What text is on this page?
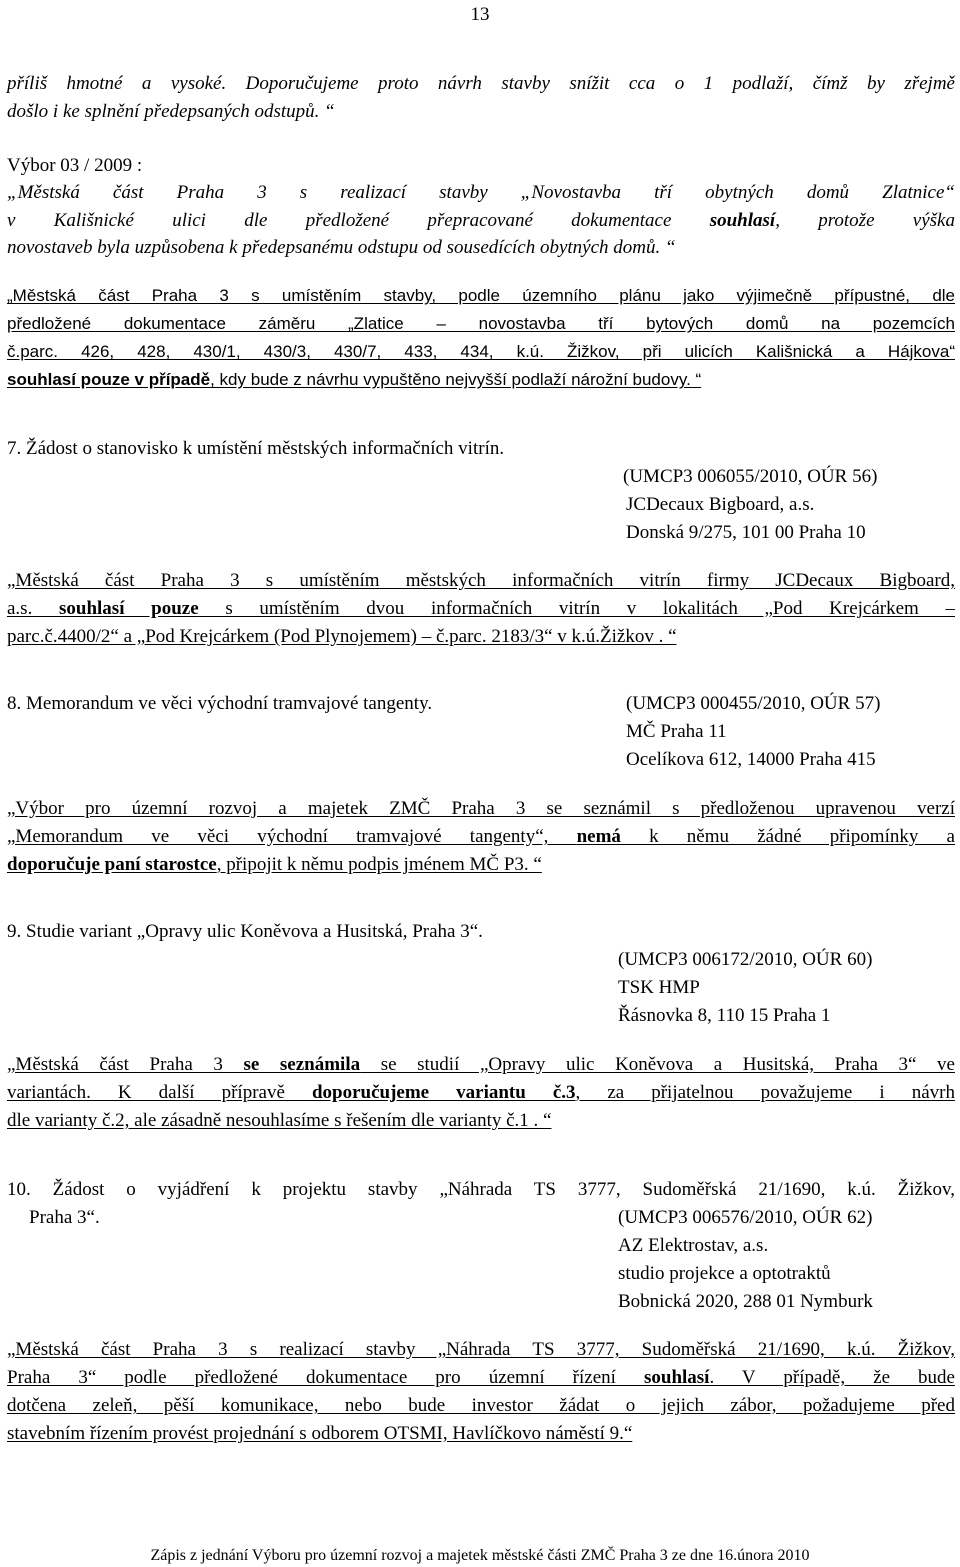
13
příliš hmotné a vysoké. Doporučujeme proto návrh stavby snížit cca o 1 podlaží, čímž by zřejmě
došlo i ke splnění předepsaných odstupů. “
Výbor 03 / 2009 :
„Městská část Praha 3 s realizací stavby „Novostavba tří obytných domů Zlatnice“
v Kališnické ulici dle předložené přepracované dokumentace souhlasí, protože výška
novostaveb byla uzpůsobena k předepsanému odstupu od sousedících obytných domů. “
„Městská část Praha 3 s umístěním stavby, podle územního plánu jako výjimečně přípustné, dle
předložené dokumentace záměru „Zlatice – novostavba tří bytových domů na pozemcích
č.parc. 426, 428, 430/1, 430/3, 430/7, 433, 434, k.ú. Žižkov, při ulicích Kališnická a Hájkova“
souhlasí pouze v případě, kdy bude z návrhu vypuštěno nejvyšší podlaží nárožní budovy. “
7. Žádost o stanovisko k umístění městských informačních vitrín.
(UMCP3 006055/2010, OÚR 56)
JCDecaux Bigboard, a.s.
Donská 9/275, 101 00 Praha 10
„Městská část Praha 3 s umístěním městských informačních vitrín firmy JCDecaux Bigboard,
a.s. souhlasí pouze s umístěním dvou informačních vitrín v lokalitách „Pod Krejcárkem –
parc.č.4400/2“ a „Pod Krejcárkem (Pod Plynojemem) – č.parc. 2183/3“ v k.ú.Žižkov . “
8. Memorandum ve věci východní tramvajové tangenty.	(UMCP3 000455/2010, OÚR 57)
MČ Praha 11
Ocelíkova 612, 14000 Praha 415
„Výbor pro územní rozvoj a majetek ZMČ Praha 3 se seznámil s předloženou upravenou verzí
„Memorandum ve věci východní tramvajové tangenty“, nemá k němu žádné připomínky a
doporučuje paní starostce, připojit k němu podpis jménem MČ P3. “
9. Studie variant „Opravy ulic Koněvova a Husitská, Praha 3“.
(UMCP3 006172/2010, OÚR 60)
TSK HMP
Řásnovka 8, 110 15 Praha 1
„Městská část Praha 3 se seznámila se studií „Opravy ulic Koněvova a Husitská, Praha 3“ ve
variantách. K další přípravě doporučujeme variantu č.3, za přijatelnou považujeme i návrh
dle varianty č.2, ale zásadně nesouhlasíme s řešením dle varianty č.1 . “
10. Žádost o vyjádření k projektu stavby „Náhrada TS 3777, Sudoměřská 21/1690, k.ú. Žižkov,
Praha 3“.	(UMCP3 006576/2010, OÚR 62)
AZ Elektrostav, a.s.
studio projekce a optotraktů
Bobnická 2020, 288 01 Nymburk
„Městská část Praha 3 s realizací stavby „Náhrada TS 3777, Sudoměřská 21/1690, k.ú. Žižkov,
Praha 3“ podle předložené dokumentace pro územní řízení souhlasí. V případě, že bude
dotčena zeleň, pěší komunikace, nebo bude investor žádat o jejich zábor, požadujeme před
stavebním řízením provést projednání s odborem OTSMI, Havlíčkovo náměstí 9.“
Zápis z jednání Výboru pro územní rozvoj a majetek městské části ZMČ Praha 3 ze dne 16.února 2010
